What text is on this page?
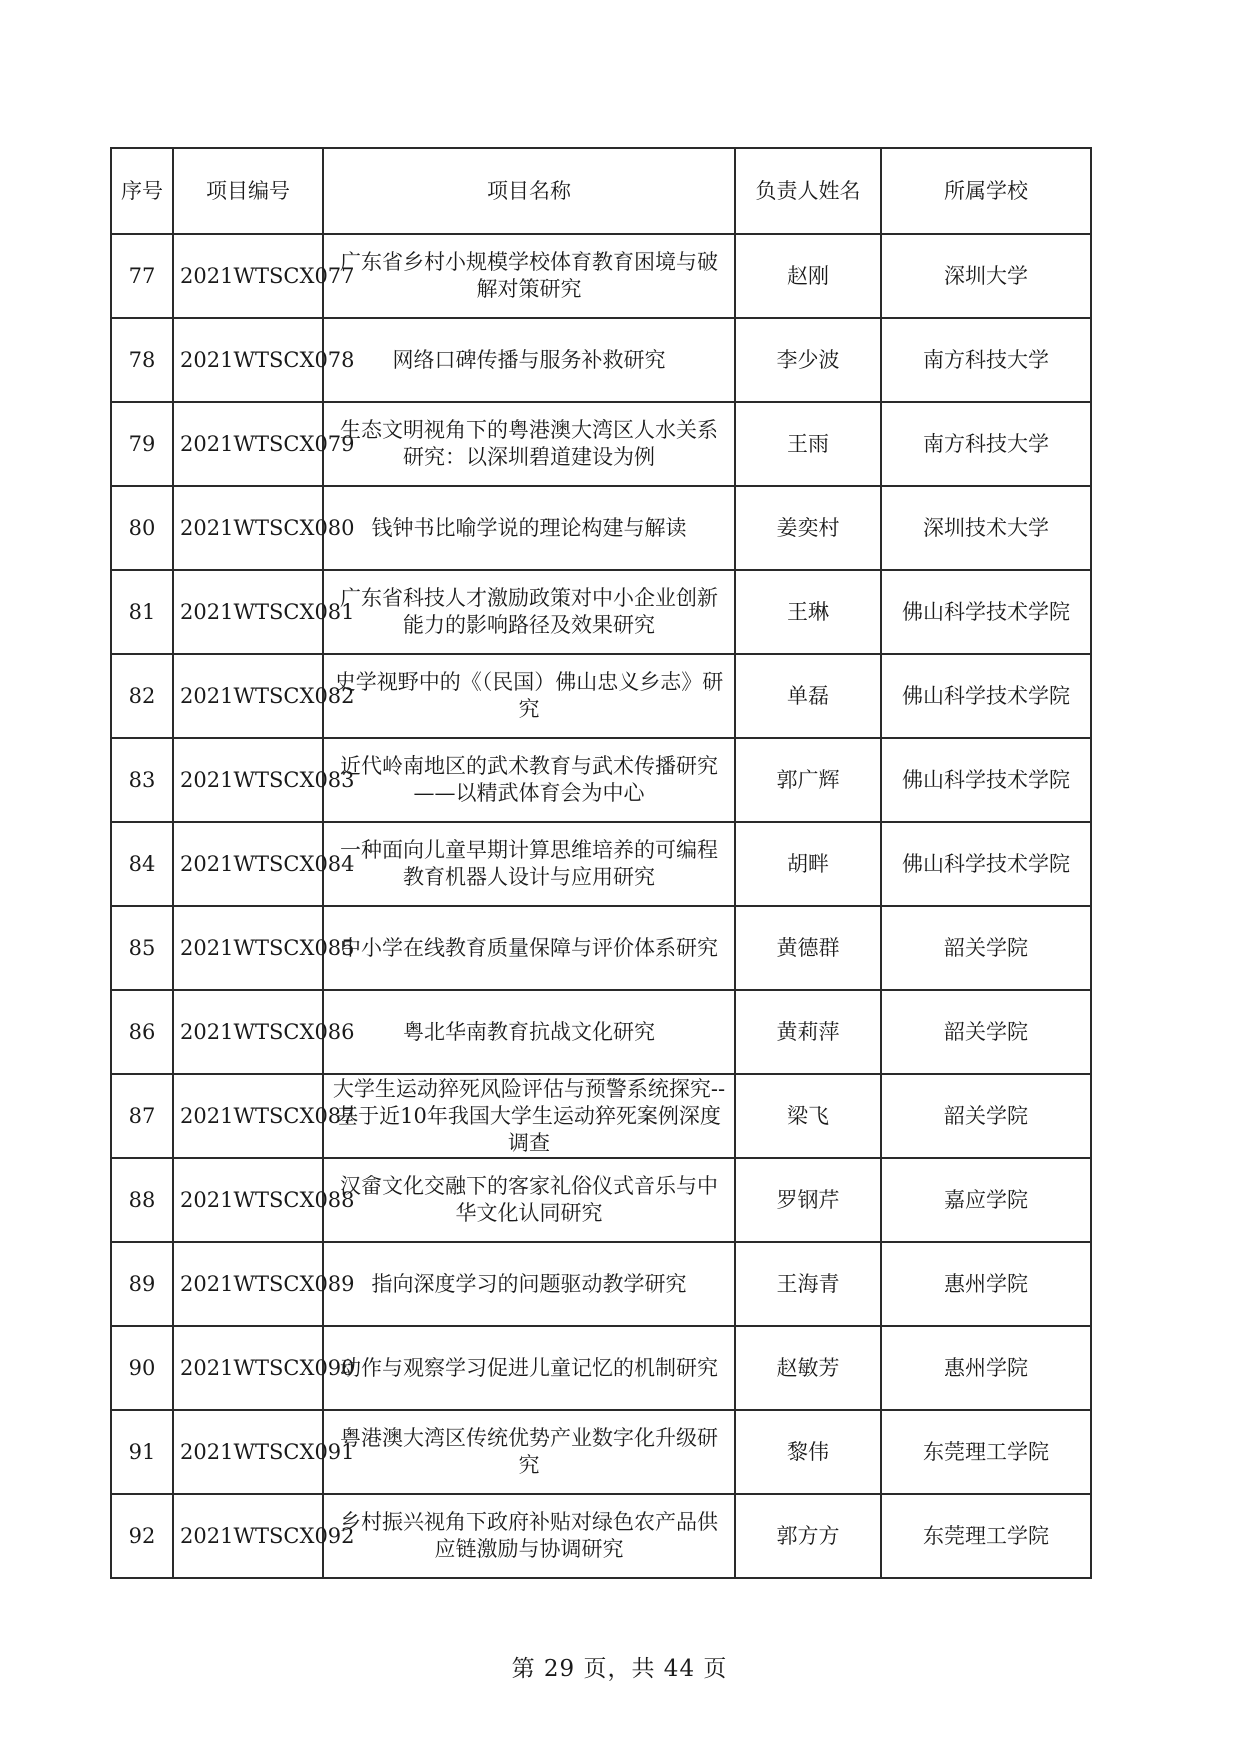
序号	项目编号	项目名称	负责人姓名	所属学校
77	2021WTSCX077	广东省乡村小规模学校体育教育困境与破解对策研究	赵刚	深圳大学
78	2021WTSCX078	网络口碑传播与服务补救研究	李少波	南方科技大学
79	2021WTSCX079	生态文明视角下的粤港澳大湾区人水关系研究：以深圳碧道建设为例	王雨	南方科技大学
80	2021WTSCX080	钱钟书比喻学说的理论构建与解读	姜奕村	深圳技术大学
81	2021WTSCX081	广东省科技人才激励政策对中小企业创新能力的影响路径及效果研究	王琳	佛山科学技术学院
82	2021WTSCX082	史学视野中的《（民国）佛山忠义乡志》研究	单磊	佛山科学技术学院
83	2021WTSCX083	近代岭南地区的武术教育与武术传播研究——以精武体育会为中心	郭广辉	佛山科学技术学院
84	2021WTSCX084	一种面向儿童早期计算思维培养的可编程教育机器人设计与应用研究	胡畔	佛山科学技术学院
85	2021WTSCX085	中小学在线教育质量保障与评价体系研究	黄德群	韶关学院
86	2021WTSCX086	粤北华南教育抗战文化研究	黄莉萍	韶关学院
87	2021WTSCX087	大学生运动猝死风险评估与预警系统探究--基于近10年我国大学生运动猝死案例深度调查	梁飞	韶关学院
88	2021WTSCX088	汉畲文化交融下的客家礼俗仪式音乐与中华文化认同研究	罗钢芹	嘉应学院
89	2021WTSCX089	指向深度学习的问题驱动教学研究	王海青	惠州学院
90	2021WTSCX090	动作与观察学习促进儿童记忆的机制研究	赵敏芳	惠州学院
91	2021WTSCX091	粤港澳大湾区传统优势产业数字化升级研究	黎伟	东莞理工学院
92	2021WTSCX092	乡村振兴视角下政府补贴对绿色农产品供应链激励与协调研究	郭方方	东莞理工学院
第 29 页，共 44 页
